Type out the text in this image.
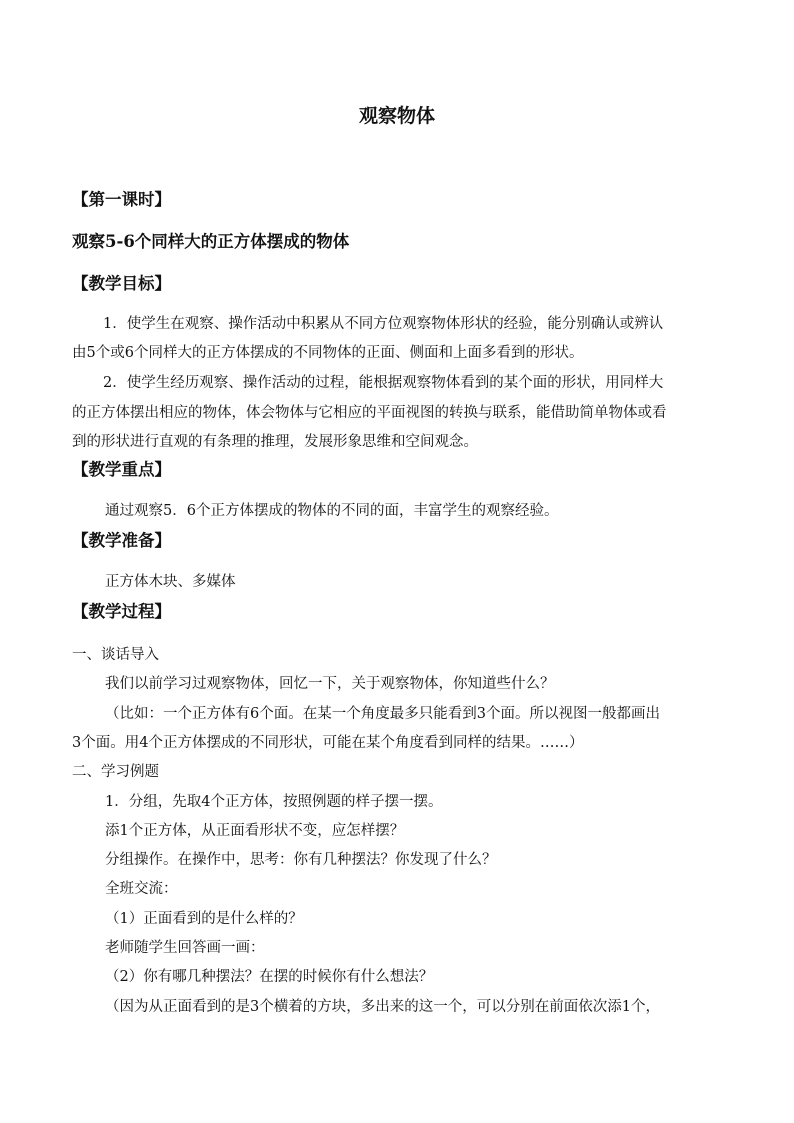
观察物体
【第一课时】
观察5-6个同样大的正方体摆成的物体
【教学目标】
1．使学生在观察、操作活动中积累从不同方位观察物体形状的经验，能分别确认或辨认
由5个或6个同样大的正方体摆成的不同物体的正面、侧面和上面多看到的形状。
2．使学生经历观察、操作活动的过程，能根据观察物体看到的某个面的形状，用同样大
的正方体摆出相应的物体，体会物体与它相应的平面视图的转换与联系，能借助简单物体或看
到的形状进行直观的有条理的推理，发展形象思维和空间观念。
【教学重点】
通过观察5．6个正方体摆成的物体的不同的面，丰富学生的观察经验。
【教学准备】
正方体木块、多媒体
【教学过程】
一、谈话导入
我们以前学习过观察物体，回忆一下，关于观察物体，你知道些什么？
（比如：一个正方体有6个面。在某一个角度最多只能看到3个面。所以视图一般都画出
3个面。用4个正方体摆成的不同形状，可能在某个角度看到同样的结果。……）
二、学习例题
1．分组，先取4个正方体，按照例题的样子摆一摆。
添1个正方体，从正面看形状不变，应怎样摆？
分组操作。在操作中，思考：你有几种摆法？你发现了什么？
全班交流：
（1）正面看到的是什么样的？
老师随学生回答画一画：
（2）你有哪几种摆法？在摆的时候你有什么想法？
（因为从正面看到的是3个横着的方块，多出来的这一个，可以分别在前面依次添1个，
